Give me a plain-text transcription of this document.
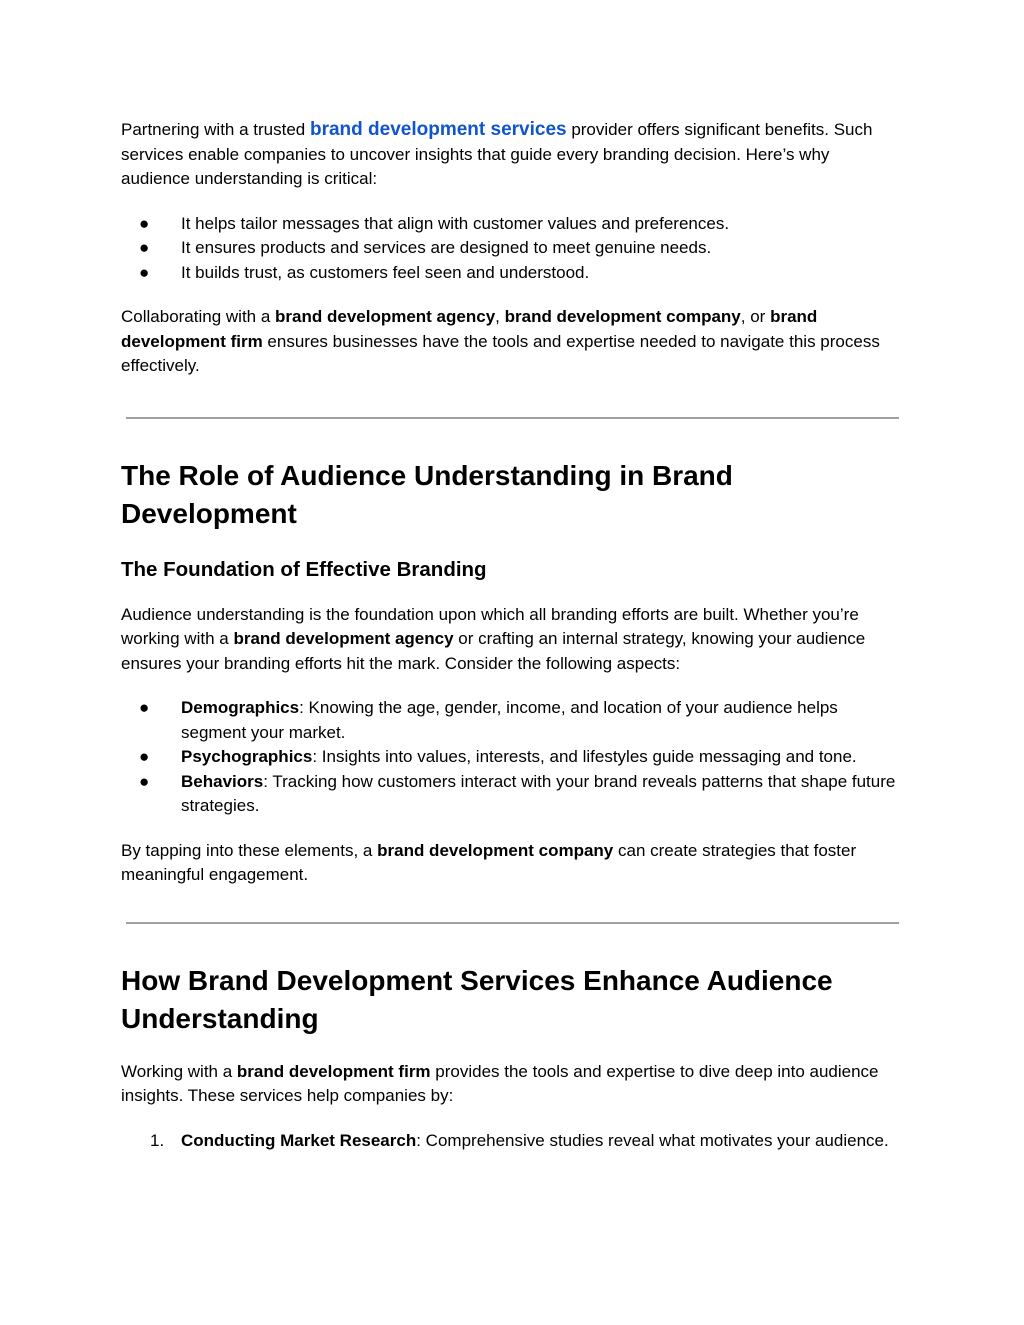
Partnering with a trusted brand development services provider offers significant benefits. Such services enable companies to uncover insights that guide every branding decision. Here’s why audience understanding is critical:

● It helps tailor messages that align with customer values and preferences.
● It ensures products and services are designed to meet genuine needs.
● It builds trust, as customers feel seen and understood.

Collaborating with a brand development agency, brand development company, or brand development firm ensures businesses have the tools and expertise needed to navigate this process effectively.

The Role of Audience Understanding in Brand Development
The Foundation of Effective Branding

Audience understanding is the foundation upon which all branding efforts are built. Whether you’re working with a brand development agency or crafting an internal strategy, knowing your audience ensures your branding efforts hit the mark. Consider the following aspects:

● Demographics: Knowing the age, gender, income, and location of your audience helps segment your market.
● Psychographics: Insights into values, interests, and lifestyles guide messaging and tone.
● Behaviors: Tracking how customers interact with your brand reveals patterns that shape future strategies.

By tapping into these elements, a brand development company can create strategies that foster meaningful engagement.

How Brand Development Services Enhance Audience Understanding

Working with a brand development firm provides the tools and expertise to dive deep into audience insights. These services help companies by:

1. Conducting Market Research: Comprehensive studies reveal what motivates your audience.
